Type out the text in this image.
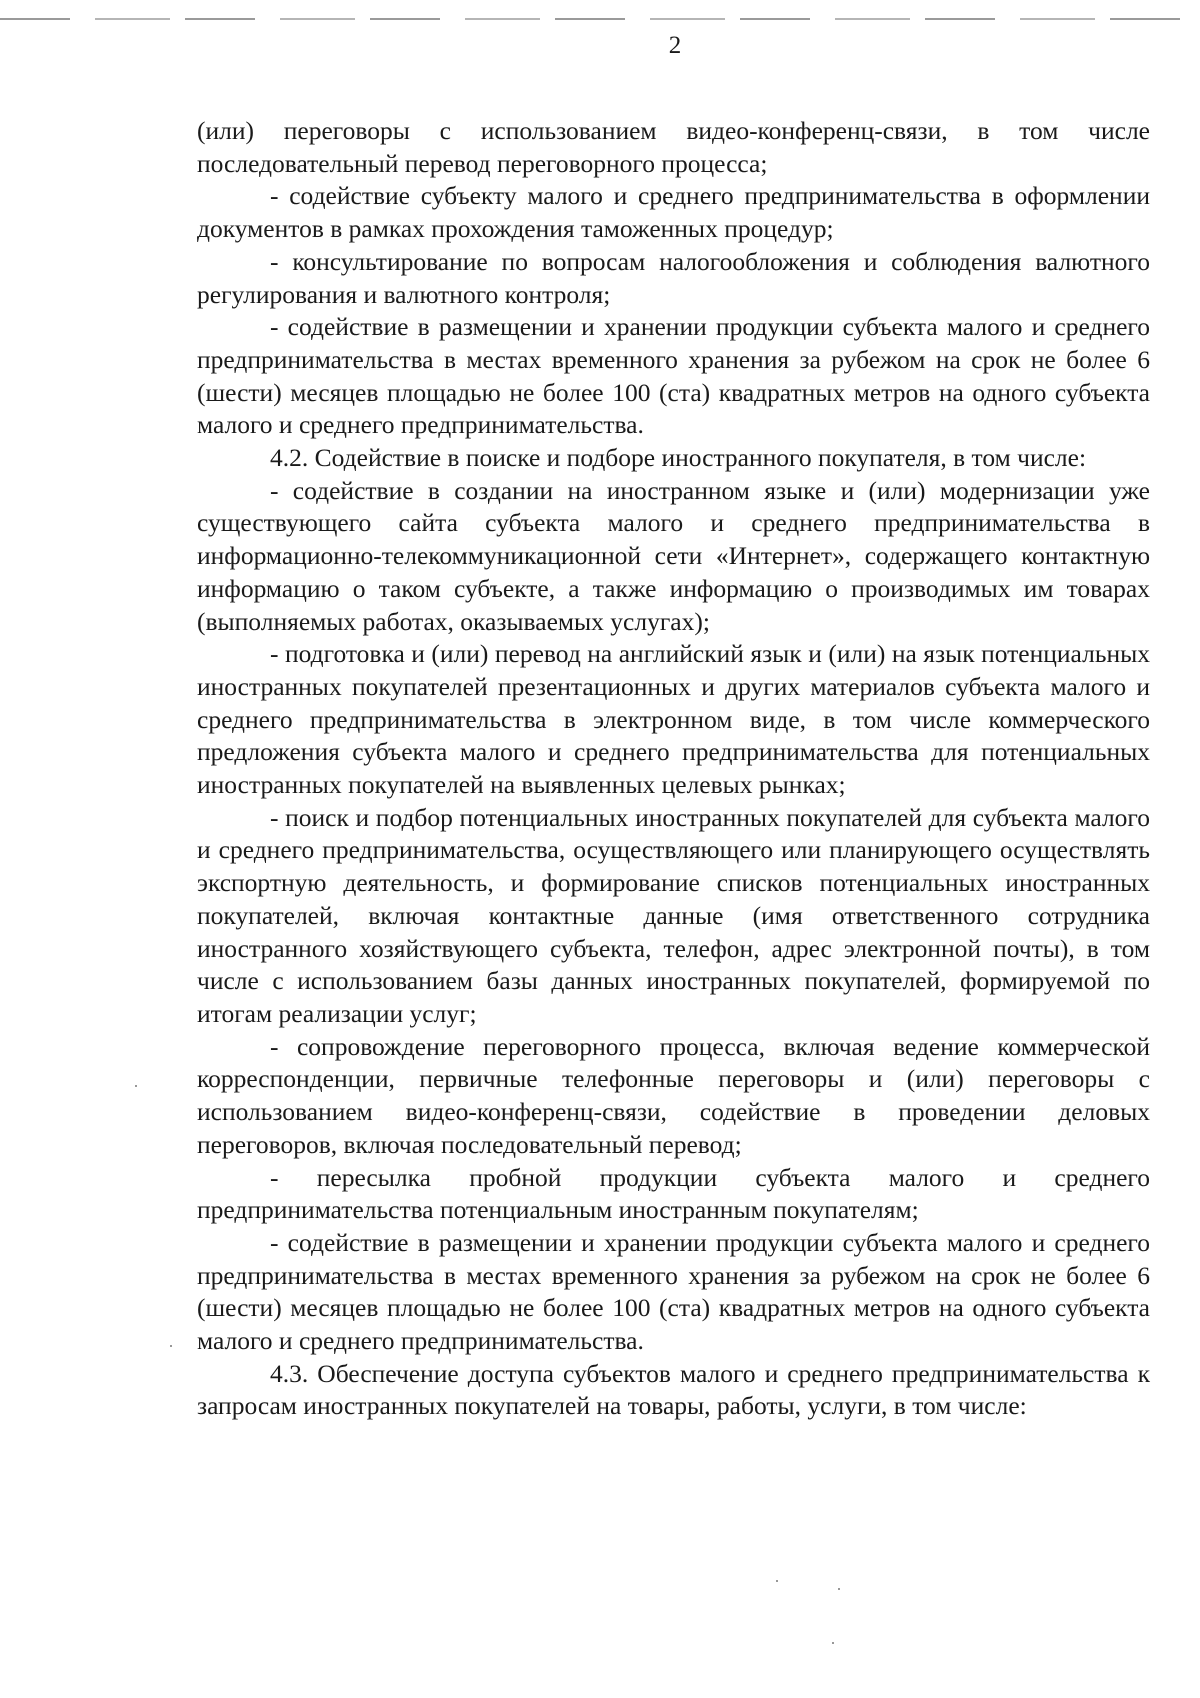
2

(или) переговоры с использованием видео-конференц-связи, в том числе последовательный перевод переговорного процесса;

- содействие субъекту малого и среднего предпринимательства в оформлении документов в рамках прохождения таможенных процедур;

- консультирование по вопросам налогообложения и соблюдения валютного регулирования и валютного контроля;

- содействие в размещении и хранении продукции субъекта малого и среднего предпринимательства в местах временного хранения за рубежом на срок не более 6 (шести) месяцев площадью не более 100 (ста) квадратных метров на одного субъекта малого и среднего предпринимательства.

4.2. Содействие в поиске и подборе иностранного покупателя, в том числе:

- содействие в создании на иностранном языке и (или) модернизации уже существующего сайта субъекта малого и среднего предпринимательства в информационно-телекоммуникационной сети «Интернет», содержащего контактную информацию о таком субъекте, а также информацию о производимых им товарах (выполняемых работах, оказываемых услугах);

- подготовка и (или) перевод на английский язык и (или) на язык потенциальных иностранных покупателей презентационных и других материалов субъекта малого и среднего предпринимательства в электронном виде, в том числе коммерческого предложения субъекта малого и среднего предпринимательства для потенциальных иностранных покупателей на выявленных целевых рынках;

- поиск и подбор потенциальных иностранных покупателей для субъекта малого и среднего предпринимательства, осуществляющего или планирующего осуществлять экспортную деятельность, и формирование списков потенциальных иностранных покупателей, включая контактные данные (имя ответственного сотрудника иностранного хозяйствующего субъекта, телефон, адрес электронной почты), в том числе с использованием базы данных иностранных покупателей, формируемой по итогам реализации услуг;

- сопровождение переговорного процесса, включая ведение коммерческой корреспонденции, первичные телефонные переговоры и (или) переговоры с использованием видео-конференц-связи, содействие в проведении деловых переговоров, включая последовательный перевод;

- пересылка пробной продукции субъекта малого и среднего предпринимательства потенциальным иностранным покупателям;

- содействие в размещении и хранении продукции субъекта малого и среднего предпринимательства в местах временного хранения за рубежом на срок не более 6 (шести) месяцев площадью не более 100 (ста) квадратных метров на одного субъекта малого и среднего предпринимательства.

4.3. Обеспечение доступа субъектов малого и среднего предпринимательства к запросам иностранных покупателей на товары, работы, услуги, в том числе:
